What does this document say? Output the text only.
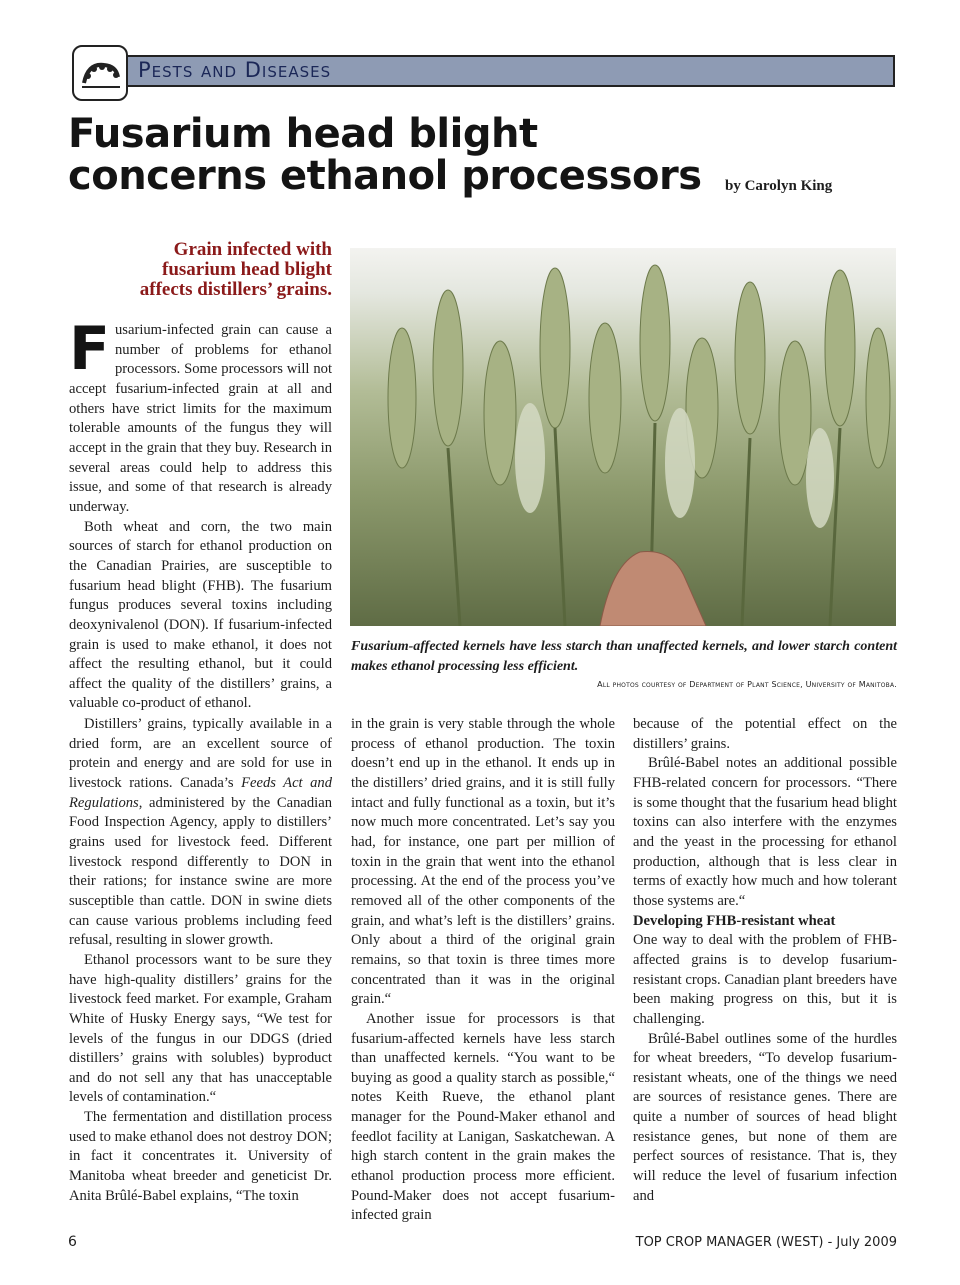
Pests and Diseases
Fusarium head blight
concerns ethanol processors by Carolyn King
Grain infected with
fusarium head blight
affects distillers’ grains.
Fusarium-affected kernels have less starch than unaffected kernels, and lower starch content makes ethanol processing less efficient.
All photos courtesy of Department of Plant Science, University of Manitoba.
F usarium-infected grain can cause a number of problems for ethanol processors. Some processors will not accept fusarium-infected grain at all and others have strict limits for the maximum tolerable amounts of the fungus they will accept in the grain that they buy. Research in several areas could help to address this issue, and some of that research is already underway.

Both wheat and corn, the two main sources of starch for ethanol production on the Canadian Prairies, are susceptible to fusarium head blight (FHB). The fusarium fungus produces several toxins including deoxynivalenol (DON). If fusarium-infected grain is used to make ethanol, it does not affect the resulting ethanol, but it could affect the quality of the distillers’ grains, a valuable co-product of ethanol.

Distillers’ grains, typically available in a dried form, are an excellent source of protein and energy and are sold for use in livestock rations. Canada’s Feeds Act and Regulations, administered by the Canadian Food Inspection Agency, apply to distillers’ grains used for livestock feed. Different livestock respond differently to DON in their rations; for instance swine are more susceptible than cattle. DON in swine diets can cause various problems including feed refusal, resulting in slower growth.

Ethanol processors want to be sure they have high-quality distillers’ grains for the livestock feed market. For example, Graham White of Husky Energy says, “We test for levels of the fungus in our DDGS (dried distillers’ grains with solubles) byproduct and do not sell any that has unacceptable levels of contamination.“

The fermentation and distillation process used to make ethanol does not destroy DON; in fact it concentrates it. University of Manitoba wheat breeder and geneticist Dr. Anita Brûlé-Babel explains, “The toxin

in the grain is very stable through the whole process of ethanol production. The toxin doesn’t end up in the ethanol. It ends up in the distillers’ dried grains, and it is still fully intact and fully functional as a toxin, but it’s now much more concentrated. Let’s say you had, for instance, one part per million of toxin in the grain that went into the ethanol processing. At the end of the process you’ve removed all of the other components of the grain, and what’s left is the distillers’ grains. Only about a third of the original grain remains, so that toxin is three times more concentrated than it was in the original grain.“

Another issue for processors is that fusarium-affected kernels have less starch than unaffected kernels. “You want to be buying as good a quality starch as possible,“ notes Keith Rueve, the ethanol plant manager for the Pound-Maker ethanol and feedlot facility at Lanigan, Saskatchewan. A high starch content in the grain makes the ethanol production process more efficient. Pound-Maker does not accept fusarium-infected grain

because of the potential effect on the distillers’ grains.

Brûlé-Babel notes an additional possible FHB-related concern for processors. “There is some thought that the fusarium head blight toxins can also interfere with the enzymes and the yeast in the processing for ethanol production, although that is less clear in terms of exactly how much and how tolerant those systems are.“

Developing FHB-resistant wheat

One way to deal with the problem of FHB-affected grains is to develop fusarium-resistant crops. Canadian plant breeders have been making progress on this, but it is challenging.

Brûlé-Babel outlines some of the hurdles for wheat breeders, “To develop fusarium-resistant wheats, one of the things we need are sources of resistance genes. There are quite a number of sources of head blight resistance genes, but none of them are perfect sources of resistance. That is, they will reduce the level of fusarium infection and

6	TOP CROP MANAGER (WEST) - July 2009
